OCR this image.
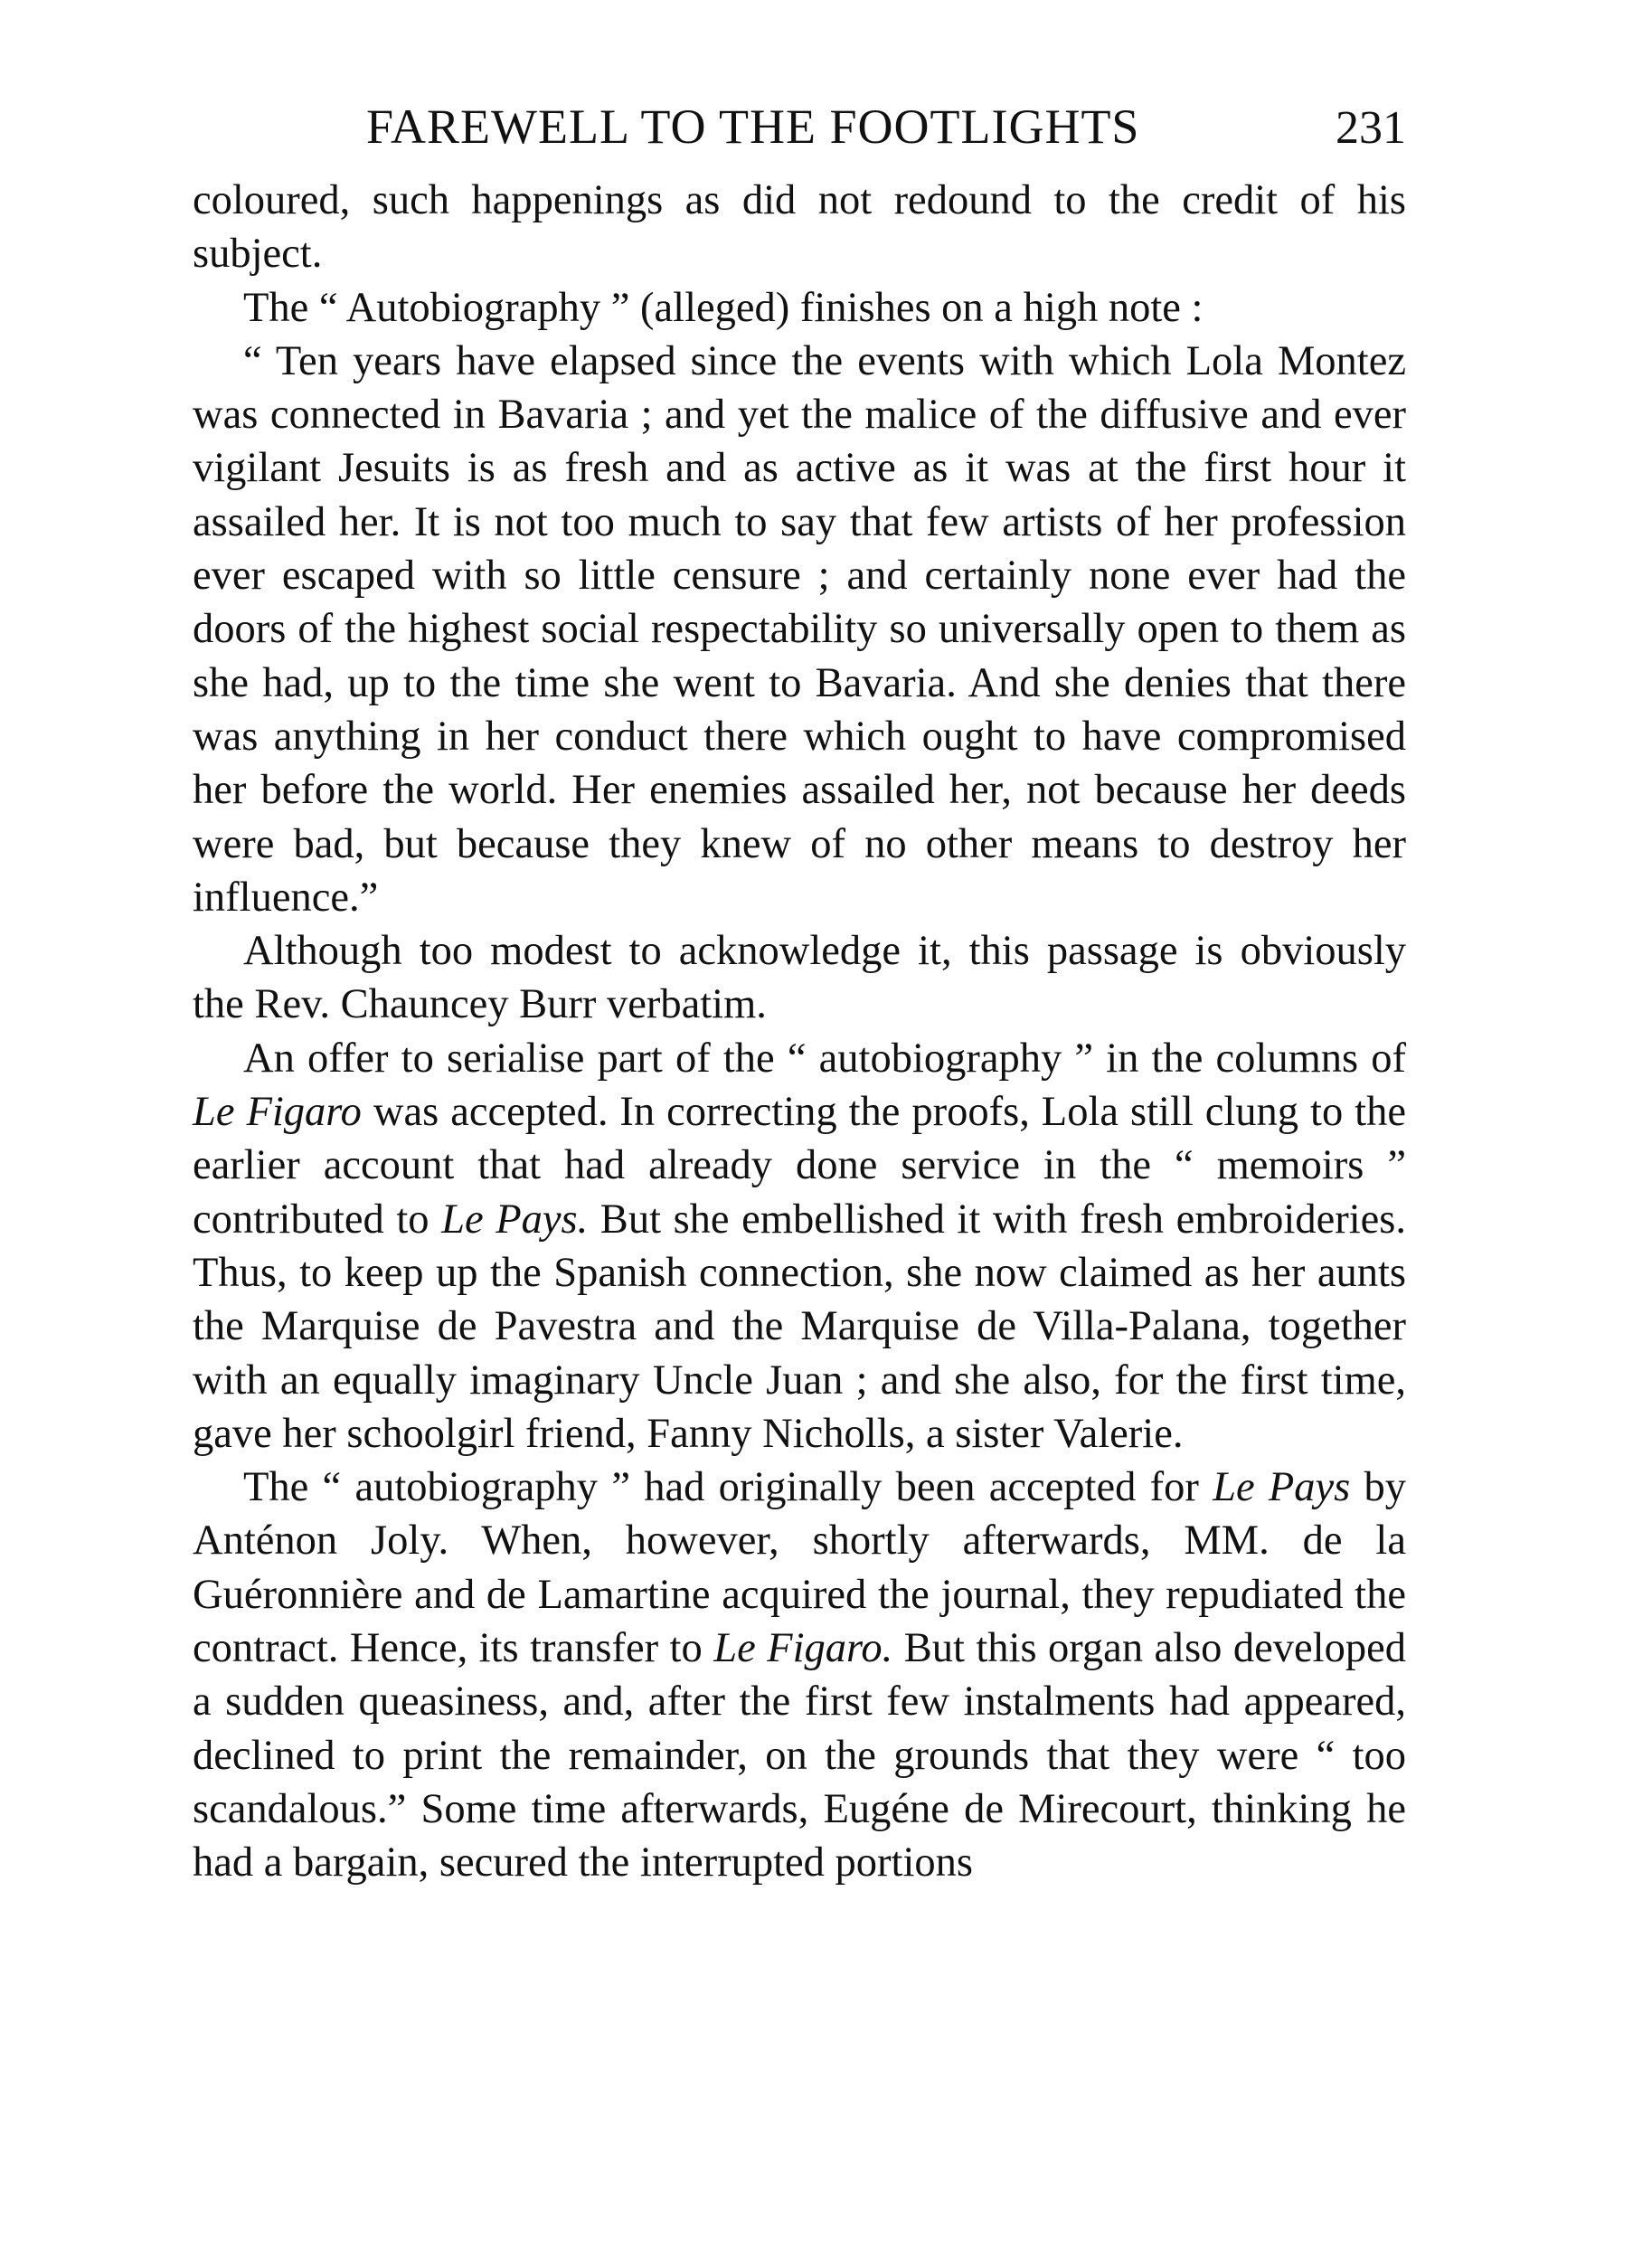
FAREWELL TO THE FOOTLIGHTS	231

coloured, such happenings as did not redound to the credit of his subject.

The “ Autobiography ” (alleged) finishes on a high note :

“ Ten years have elapsed since the events with which Lola Montez was connected in Bavaria ; and yet the malice of the diffusive and ever vigilant Jesuits is as fresh and as active as it was at the first hour it assailed her. It is not too much to say that few artists of her profession ever escaped with so little censure ; and certainly none ever had the doors of the highest social respectability so universally open to them as she had, up to the time she went to Bavaria. And she denies that there was anything in her conduct there which ought to have compromised her before the world. Her enemies assailed her, not because her deeds were bad, but because they knew of no other means to destroy her influence.”

Although too modest to acknowledge it, this passage is obviously the Rev. Chauncey Burr verbatim.

An offer to serialise part of the “ autobiography ” in the columns of Le Figaro was accepted. In correcting the proofs, Lola still clung to the earlier account that had already done service in the “ memoirs ” contributed to Le Pays. But she embellished it with fresh embroideries. Thus, to keep up the Spanish connection, she now claimed as her aunts the Marquise de Pavestra and the Marquise de Villa-Palana, together with an equally imaginary Uncle Juan ; and she also, for the first time, gave her schoolgirl friend, Fanny Nicholls, a sister Valerie.

The “ autobiography ” had originally been accepted for Le Pays by Anténon Joly. When, however, shortly afterwards, MM. de la Guéronnière and de Lamartine acquired the journal, they repudiated the contract. Hence, its transfer to Le Figaro. But this organ also developed a sudden queasiness, and, after the first few instalments had appeared, declined to print the remainder, on the grounds that they were “ too scandalous.” Some time afterwards, Eugéne de Mirecourt, thinking he had a bargain, secured the interrupted portions
